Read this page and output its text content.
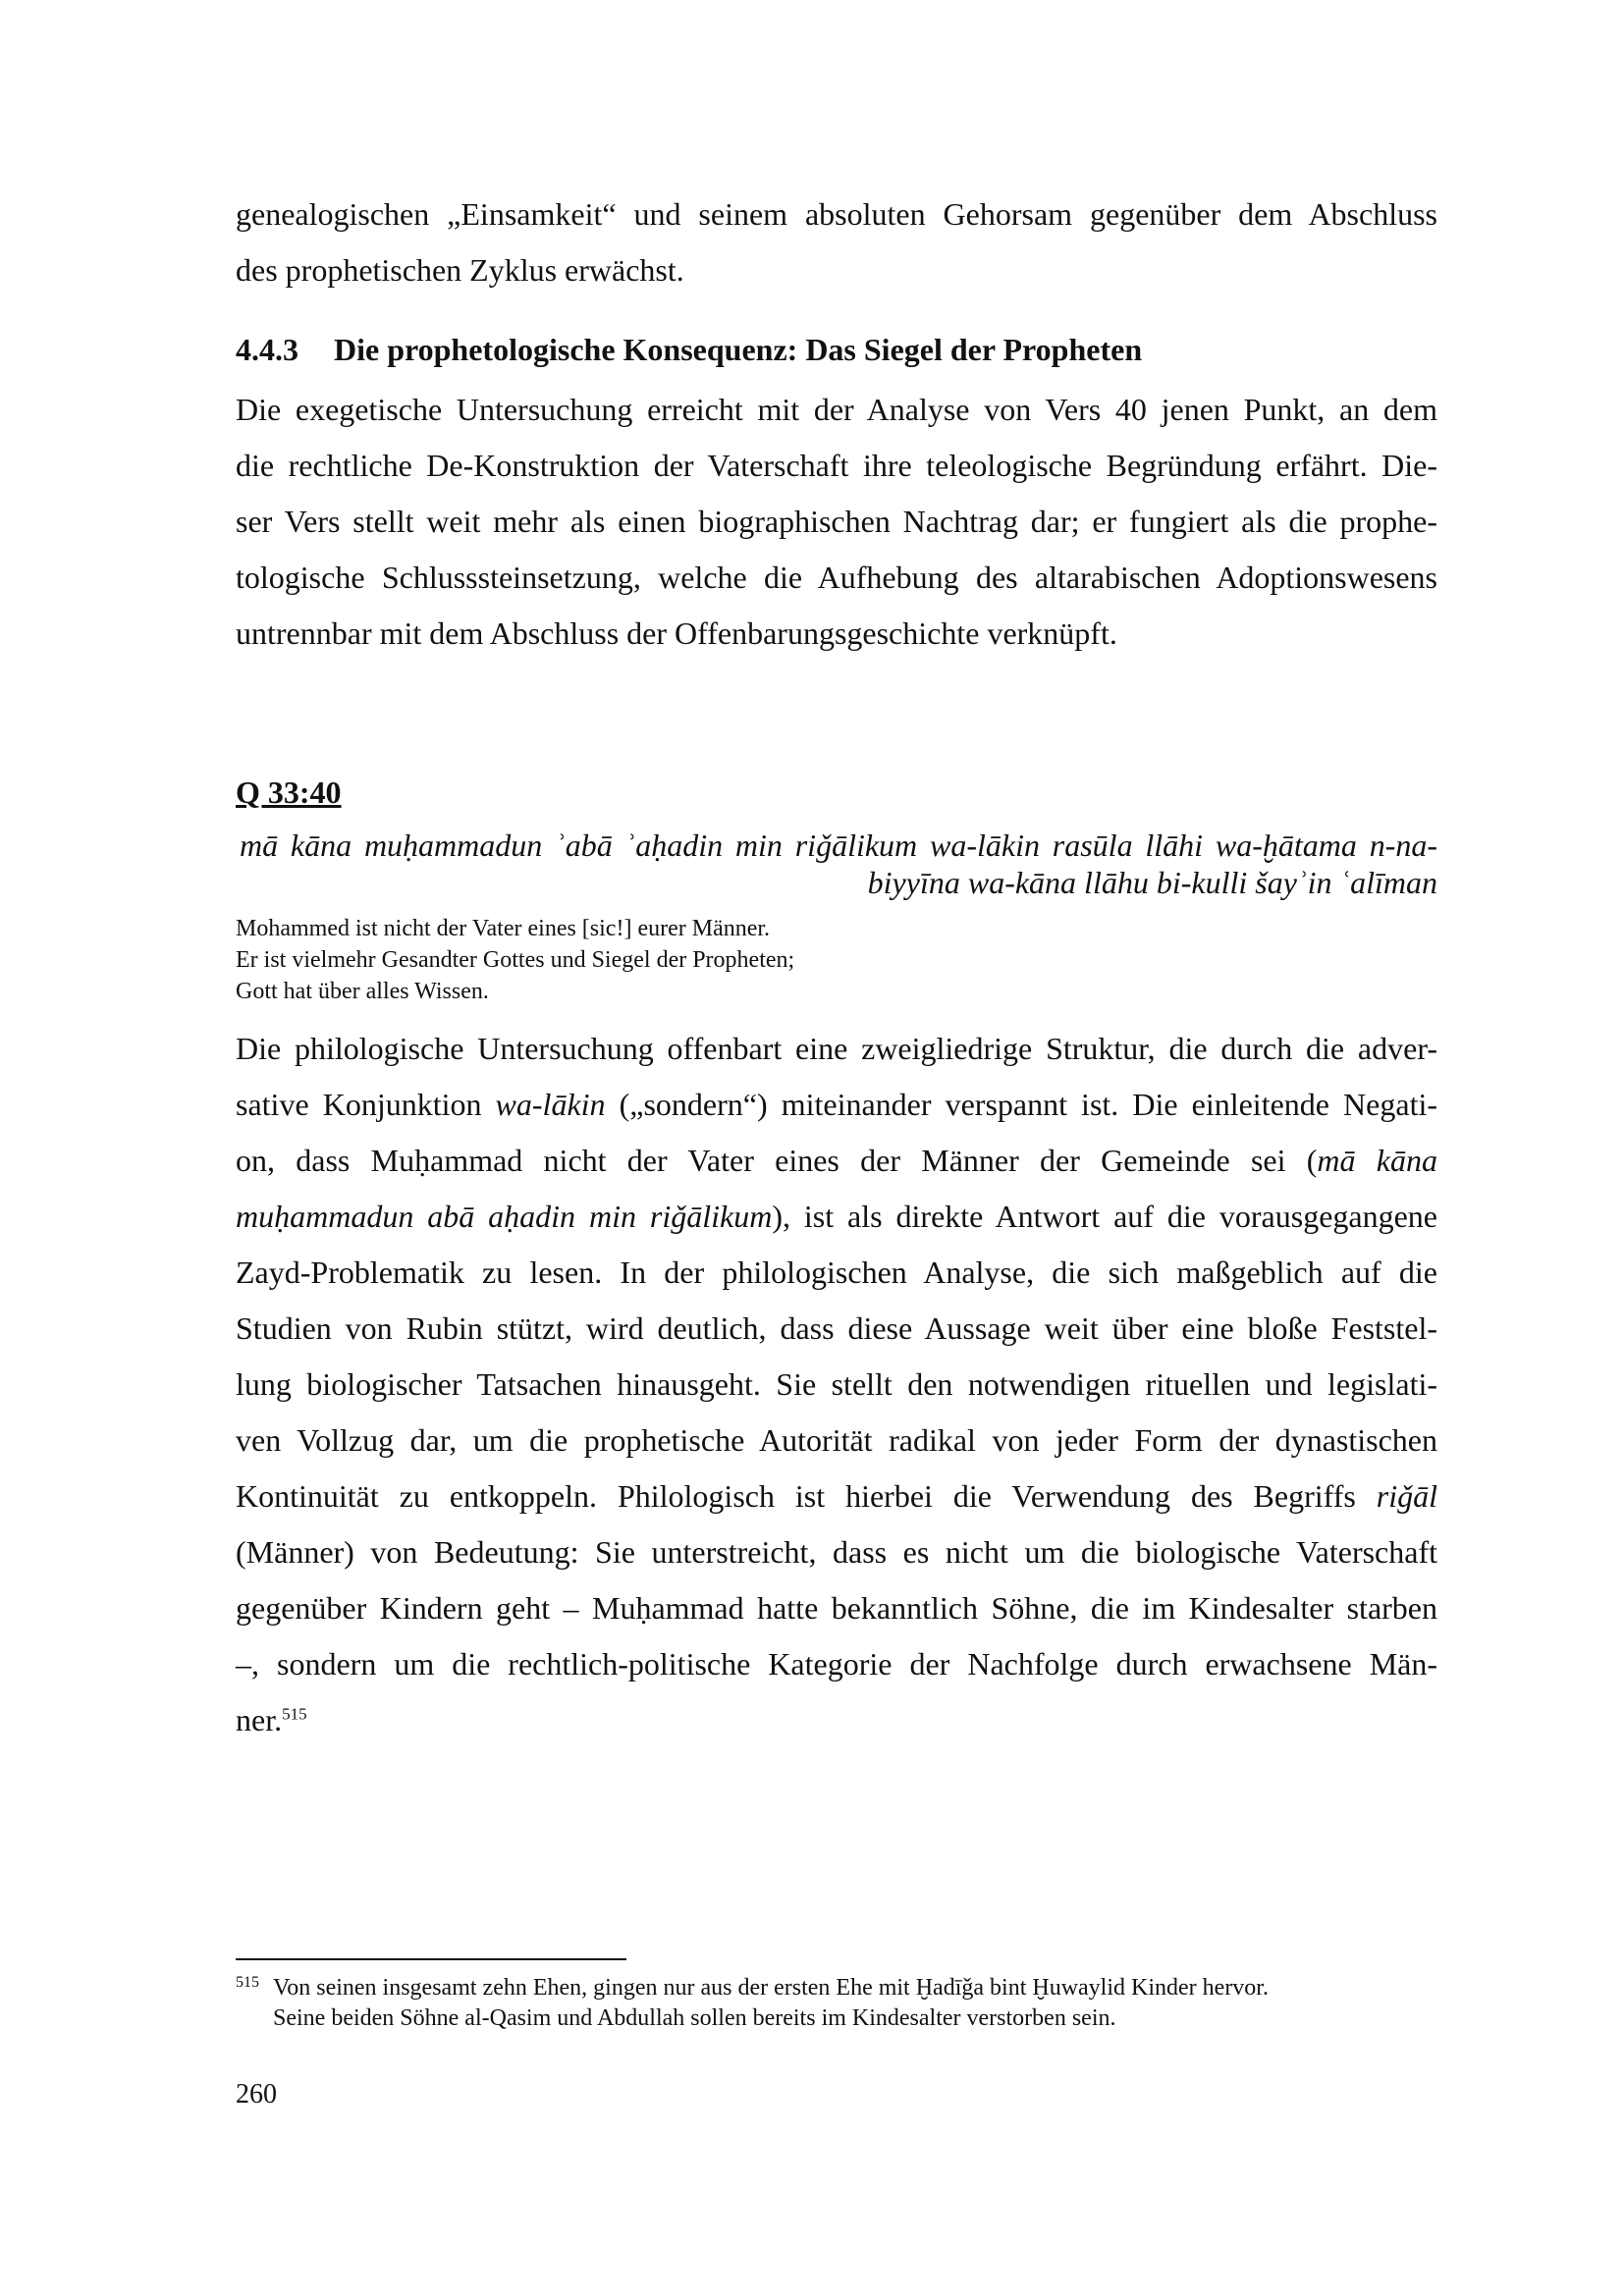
genealogischen „Einsamkeit“ und seinem absoluten Gehorsam gegenüber dem Abschluss
des prophetischen Zyklus erwächst.

4.4.3 Die prophetologische Konsequenz: Das Siegel der Propheten

Die exegetische Untersuchung erreicht mit der Analyse von Vers 40 jenen Punkt, an dem
die rechtliche De-Konstruktion der Vaterschaft ihre teleologische Begründung erfährt. Die-
ser Vers stellt weit mehr als einen biographischen Nachtrag dar; er fungiert als die prophe-
tologische Schlusssteinsetzung, welche die Aufhebung des altarabischen Adoptionswesens
untrennbar mit dem Abschluss der Offenbarungsgeschichte verknüpft.

Q 33:40

mā kāna muḥammadun ʾabā ʾaḥadin min riǧālikum wa-lākin rasūla llāhi wa-ḫātama n-na-
biyyīna wa-kāna llāhu bi-kulli šayʾin ʿalīman

Mohammed ist nicht der Vater eines [sic!] eurer Männer.
Er ist vielmehr Gesandter Gottes und Siegel der Propheten;
Gott hat über alles Wissen.

Die philologische Untersuchung offenbart eine zweigliedrige Struktur, die durch die adver-
sative Konjunktion wa-lākin („sondern“) miteinander verspannt ist. Die einleitende Negati-
on, dass Muḥammad nicht der Vater eines der Männer der Gemeinde sei (mā kāna
muḥammadun abā aḥadin min riǧālikum), ist als direkte Antwort auf die vorausgegangene
Zayd-Problematik zu lesen. In der philologischen Analyse, die sich maßgeblich auf die
Studien von Rubin stützt, wird deutlich, dass diese Aussage weit über eine bloße Feststel-
lung biologischer Tatsachen hinausgeht. Sie stellt den notwendigen rituellen und legislati-
ven Vollzug dar, um die prophetische Autorität radikal von jeder Form der dynastischen
Kontinuität zu entkoppeln. Philologisch ist hierbei die Verwendung des Begriffs riǧāl
(Männer) von Bedeutung: Sie unterstreicht, dass es nicht um die biologische Vaterschaft
gegenüber Kindern geht – Muḥammad hatte bekanntlich Söhne, die im Kindesalter starben
–, sondern um die rechtlich-politische Kategorie der Nachfolge durch erwachsene Män-
ner.$^{515}$

515 Von seinen insgesamt zehn Ehen, gingen nur aus der ersten Ehe mit Ḫadīǧa bint Ḫuwaylid Kinder hervor.
Seine beiden Söhne al-Qasim und Abdullah sollen bereits im Kindesalter verstorben sein.
260
